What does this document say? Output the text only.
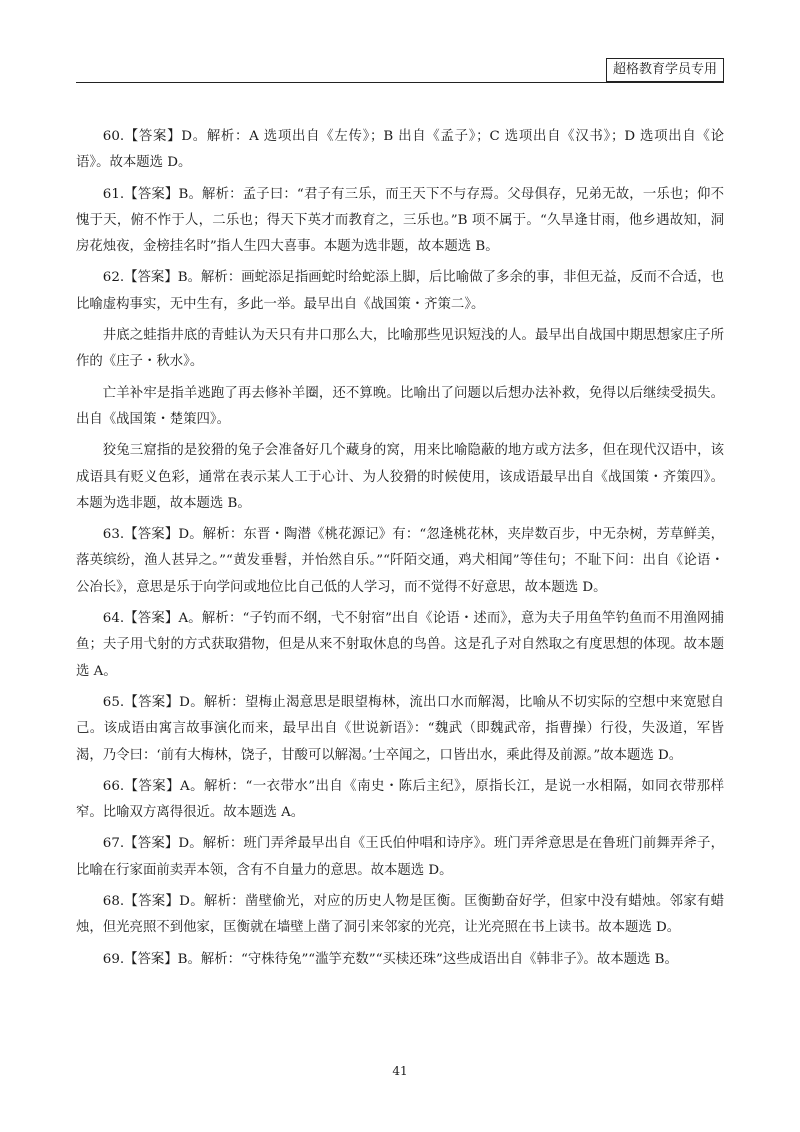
超格教育学员专用

60.【答案】D。解析：A 选项出自《左传》；B 出自《孟子》；C 选项出自《汉书》；D 选项出自《论语》。故本题选 D。

61.【答案】B。解析：孟子曰：“君子有三乐，而王天下不与存焉。父母俱存，兄弟无故，一乐也；仰不愧于天，俯不怍于人，二乐也；得天下英才而教育之，三乐也。”B 项不属于。“久旱逢甘雨，他乡遇故知，洞房花烛夜，金榜挂名时”指人生四大喜事。本题为选非题，故本题选 B。

62.【答案】B。解析：画蛇添足指画蛇时给蛇添上脚，后比喻做了多余的事，非但无益，反而不合适，也比喻虚构事实，无中生有，多此一举。最早出自《战国策・齐策二》。

井底之蛙指井底的青蛙认为天只有井口那么大，比喻那些见识短浅的人。最早出自战国中期思想家庄子所作的《庄子・秋水》。

亡羊补牢是指羊逃跑了再去修补羊圈，还不算晚。比喻出了问题以后想办法补救，免得以后继续受损失。出自《战国策・楚策四》。

狡兔三窟指的是狡猾的兔子会准备好几个藏身的窝，用来比喻隐蔽的地方或方法多，但在现代汉语中，该成语具有贬义色彩，通常在表示某人工于心计、为人狡猾的时候使用，该成语最早出自《战国策・齐策四》。本题为选非题，故本题选 B。

63.【答案】D。解析：东晋・陶潜《桃花源记》有：“忽逢桃花林，夹岸数百步，中无杂树，芳草鲜美，落英缤纷，渔人甚异之。”“黄发垂髫，并怡然自乐。”“阡陌交通，鸡犬相闻”等佳句；不耻下问：出自《论语・公冶长》，意思是乐于向学问或地位比自己低的人学习，而不觉得不好意思，故本题选 D。

64.【答案】A。解析：“子钓而不纲，弋不射宿”出自《论语・述而》，意为夫子用鱼竿钓鱼而不用渔网捕鱼；夫子用弋射的方式获取猎物，但是从来不射取休息的鸟兽。这是孔子对自然取之有度思想的体现。故本题选 A。

65.【答案】D。解析：望梅止渴意思是眼望梅林，流出口水而解渴，比喻从不切实际的空想中来宽慰自己。该成语由寓言故事演化而来，最早出自《世说新语》：“魏武（即魏武帝，指曹操）行役，失汲道，军皆渴，乃令曰：‘前有大梅林，饶子，甘酸可以解渴。’士卒闻之，口皆出水，乘此得及前源。”故本题选 D。

66.【答案】A。解析：“一衣带水”出自《南史・陈后主纪》，原指长江，是说一水相隔，如同衣带那样窄。比喻双方离得很近。故本题选 A。

67.【答案】D。解析：班门弄斧最早出自《王氏伯仲唱和诗序》。班门弄斧意思是在鲁班门前舞弄斧子，比喻在行家面前卖弄本领，含有不自量力的意思。故本题选 D。

68.【答案】D。解析：凿壁偷光，对应的历史人物是匡衡。匡衡勤奋好学，但家中没有蜡烛。邻家有蜡烛，但光亮照不到他家，匡衡就在墙壁上凿了洞引来邻家的光亮，让光亮照在书上读书。故本题选 D。

69.【答案】B。解析：“守株待兔”“滥竽充数”“买椟还珠”这些成语出自《韩非子》。故本题选 B。

41
